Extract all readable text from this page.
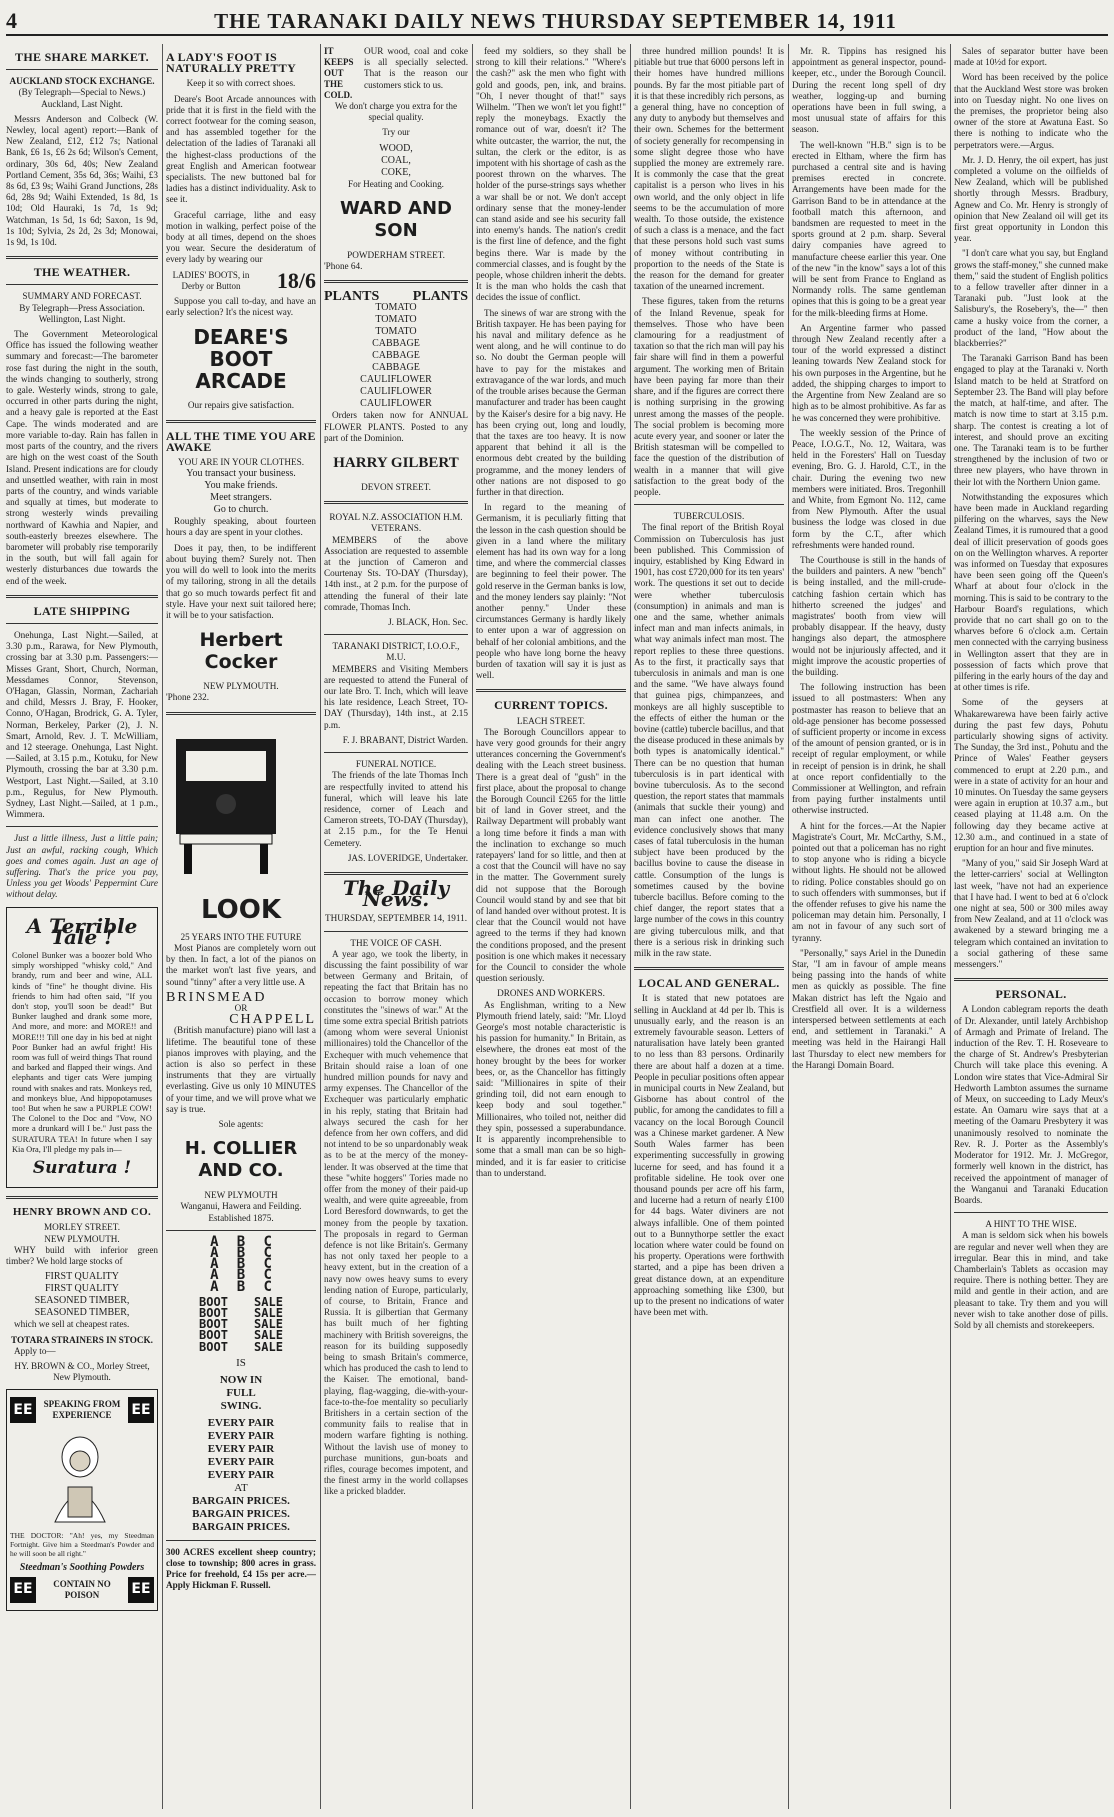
4	THE TARANAKI DAILY NEWS THURSDAY SEPTEMBER 14, 1911
THE SHARE MARKET.
AUCKLAND STOCK EXCHANGE.

(By Telegraph—Special to News.) Auckland, Last Night.

Messrs Anderson and Colbeck (W. Newley, local agent) report:—Bank of New Zealand, £12, £12 7s; National Bank, £6 1s, £6 2s 6d; Wilson's Cement, ordinary, 30s 6d, 40s; New Zealand Portland Cement, 35s 6d, 36s; Waihi, £3 8s 6d, £3 9s; Waihi Grand Junctions, 28s 6d, 28s 9d; Waihi Extended, 1s 8d, 1s 10d; Old Hauraki, 1s 7d, 1s 9d; Watchman, 1s 5d, 1s 6d; Saxon, 1s 9d, 1s 10d; Sylvia, 2s 2d, 2s 3d; Monowai, 1s 9d, 1s 10d.

THE WEATHER.
SUMMARY AND FORECAST.

By Telegraph—Press Association. Wellington, Last Night.

The Government Meteorological Office has issued the following weather summary and forecast:—The barometer rose fast during the night in the south, the winds changing to southerly, strong to gale. Westerly winds, strong to gale, occurred in other parts during the night, and a heavy gale is reported at the East Cape. The winds moderated and are more variable to-day. Rain has fallen in most parts of the country, and the rivers are high on the west coast of the South Island. Present indications are for cloudy and unsettled weather, with rain in most parts of the country, and winds variable and squally at times, but moderate to strong westerly winds prevailing northward of Kawhia and Napier, and south-easterly breezes elsewhere. The barometer will probably rise temporarily in the south, but will fall again for westerly disturbances due towards the end of the week.

LATE SHIPPING

Onehunga, Last Night.—Sailed, at 3.30 p.m., Rarawa, for New Plymouth, crossing bar at 3.30 p.m. Passengers:—Misses Grant, Short, Church, Norman, Messdames Connor, Stevenson, O'Hagan, Glassin, Norman, Zachariah and child, Messrs J. Bray, F. Hooker, Conno, O'Hagan, Brodrick, G. A. Tyler, Norman, Berkeley, Parker (2), J. N. Smart, Arnold, Rev. J. T. McWilliam, and 12 steerage. Onehunga, Last Night.—Sailed, at 3.15 p.m., Kotuku, for New Plymouth, crossing the bar at 3.30 p.m. Westport, Last Night.—Sailed, at 3.10 p.m., Regulus, for New Plymouth. Sydney, Last Night.—Sailed, at 1 p.m., Wimmera.

Just a little illness, Just a little pain; Just an awful, racking cough, Which goes and comes again. Just an age of suffering. That's the price you pay, Unless you get Woods' Peppermint Cure without delay.

A Terrible Tale !

Colonel Bunker was a boozer bold Who simply worshipped "whisky cold," And brandy, rum and beer and wine, ALL kinds of "fine" he thought divine. His friends to him had often said, "If you don't stop, you'll soon be dead!" But Bunker laughed and drank some more, And more, and more: and MORE!! and MORE!!! Till one day in his bed at night Poor Bunker had an awful fright! His room was full of weird things That round and barked and flapped their wings. And elephants and tiger cats Were jumping round with snakes and rats. Monkeys red, and monkeys blue, And hippopotamuses too! But when he saw a PURPLE COW! The Colonel to the Doc and "Vow, NO more a drunkard will I be." Just pass the SURATURA TEA! In future when I say Kia Ora, I'll pledge my pals in—

Suratura !
HENRY BROWN AND CO.
MORLEY STREET.
NEW PLYMOUTH.

WHY build with inferior green timber? We hold large stocks of

FIRST QUALITY
FIRST QUALITY
SEASONED TIMBER,
SEASONED TIMBER,

which we sell at cheapest rates.

TOTARA STRAINERS IN STOCK.

Apply to—

HY. BROWN & CO., Morley Street, New Plymouth.

EE	SPEAKING FROM EXPERIENCE	EE

THE DOCTOR: "Ah! yes, my Steedman Fortnight. Give him a Steedman's Powder and he will soon be all right."

Steedman's Soothing Powders
EE	CONTAIN NO POISON	EE
A LADY'S FOOT IS NATURALLY PRETTY

Keep it so with correct shoes.

Deare's Boot Arcade announces with pride that it is first in the field with the correct footwear for the coming season, and has assembled together for the delectation of the ladies of Taranaki all the highest-class productions of the great English and American footwear specialists. The new buttoned bal for ladies has a distinct individuality. Ask to see it.

Graceful carriage, lithe and easy motion in walking, perfect poise of the body at all times, depend on the shoes you wear. Secure the desideratum of every lady by wearing our

LADIES' BOOTS, in Derby or Button	18/6

Suppose you call to-day, and have an early selection? It's the nicest way.

DEARE'S BOOT ARCADE

Our repairs give satisfaction.

ALL THE TIME YOU ARE AWAKE
YOU ARE IN YOUR CLOTHES.
You transact your business.
You make friends.
Meet strangers.
Go to church.

Roughly speaking, about fourteen hours a day are spent in your clothes.

Does it pay, then, to be indifferent about buying them? Surely not. Then you will do well to look into the merits of my tailoring, strong in all the details that go so much towards perfect fit and style. Have your next suit tailored here; it will be to your satisfaction.

Herbert Cocker
NEW PLYMOUTH.
'Phone 232.
LOOK
25 YEARS INTO THE FUTURE

Most Pianos are completely worn out by then. In fact, a lot of the pianos on the market won't last five years, and sound "tinny" after a very little use. A

BRINSMEAD
OR
CHAPPELL

(British manufacture) piano will last a lifetime. The beautiful tone of these pianos improves with playing, and the action is also so perfect in these instruments that they are virtually everlasting. Give us only 10 MINUTES of your time, and we will prove what we say is true.

Sole agents:
H. COLLIER AND CO.
NEW PLYMOUTH
Wanganui, Hawera and Feilding.
Established 1875.
A	B	C
A	B	C
A	B	C
A	B	C
A	B	C
BOOT	SALE
BOOT	SALE
BOOT	SALE
BOOT	SALE
BOOT	SALE
IS
NOW IN FULL SWING.
EVERY PAIR
EVERY PAIR
EVERY PAIR
EVERY PAIR
EVERY PAIR
AT
BARGAIN PRICES.
BARGAIN PRICES.
BARGAIN PRICES.

300 ACRES excellent sheep country; close to township; 800 acres in grass. Price for freehold, £4 15s per acre.—Apply Hickman F. Russell.

IT KEEPS OUT THE COLD.

OUR wood, coal and coke is all specially selected. That is the reason our customers stick to us.

We don't charge you extra for the special quality.

Try our

WOOD,
COAL,
COKE,

For Heating and Cooking.

WARD AND SON
POWDERHAM STREET.
'Phone 64.
PLANTS PLANTS
TOMATO
TOMATO
TOMATO
CABBAGE
CABBAGE
CABBAGE
CAULIFLOWER
CAULIFLOWER
CAULIFLOWER

Orders taken now for ANNUAL FLOWER PLANTS. Posted to any part of the Dominion.

HARRY GILBERT
DEVON STREET.
ROYAL N.Z. ASSOCIATION H.M. VETERANS.

MEMBERS of the above Association are requested to assemble at the junction of Cameron and Courtenay Sts. TO-DAY (Thursday), 14th inst., at 2 p.m. for the purpose of attending the funeral of their late comrade, Thomas Inch.

J. BLACK, Hon. Sec.
TARANAKI DISTRICT, I.O.O.F., M.U.

MEMBERS and Visiting Members are requested to attend the Funeral of our late Bro. T. Inch, which will leave his late residence, Leach Street, TO-DAY (Thursday), 14th inst., at 2.15 p.m.

F. J. BRABANT, District Warden.
FUNERAL NOTICE.

The friends of the late Thomas Inch are respectfully invited to attend his funeral, which will leave his late residence, corner of Leach and Cameron streets, TO-DAY (Thursday), at 2.15 p.m., for the Te Henui Cemetery.

JAS. LOVERIDGE, Undertaker.
The Daily News.
THURSDAY, SEPTEMBER 14, 1911.
THE VOICE OF CASH.

A year ago, we took the liberty, in discussing the faint possibility of war between Germany and Britain, of repeating the fact that Britain has no occasion to borrow money which constitutes the "sinews of war." At the time some extra special British patriots (among whom were several Unionist millionaires) told the Chancellor of the Exchequer with much vehemence that Britain should raise a loan of one hundred million pounds for navy and army expenses. The Chancellor of the Exchequer was particularly emphatic in his reply, stating that Britain had always secured the cash for her defence from her own coffers, and did not intend to be so unpardonably weak as to be at the mercy of the money-lender. It was observed at the time that these "white hoggers" Tories made no offer from the money of their paid-up wealth, and were quite agreeable, from Lord Beresford downwards, to get the money from the people by taxation. The proposals in regard to German defence is not like Britain's. Germany has not only taxed her people to a heavy extent, but in the creation of a navy now owes heavy sums to every lending nation of Europe, particularly, of course, to Britain, France and Russia. It is gilbertian that Germany has built much of her fighting machinery with British sovereigns, the reason for its building supposedly being to smash Britain's commerce, which has produced the cash to lend to the Kaiser. The emotional, band-playing, flag-wagging, die-with-your-face-to-the-foe mentality so peculiarly Britishers in a certain section of the community fails to realise that in modern warfare fighting is nothing. Without the lavish use of money to purchase munitions, gun-boats and rifles, courage becomes impotent, and the finest army in the world collapses like a pricked bladder.

feed my soldiers, so they shall be strong to kill their relations." "Where's the cash?" ask the men who fight with gold and goods, pen, ink, and brains. "Oh, I never thought of that!" says Wilhelm. "Then we won't let you fight!" reply the moneybags. Exactly the romance out of war, doesn't it? The white outcaster, the warrior, the nut, the sultan, the clerk or the editor, is as impotent with his shortage of cash as the poorest thrown on the wharves. The holder of the purse-strings says whether a war shall be or not. We don't accept ordinary sense that the money-lender can stand aside and see his security fall into enemy's hands. The nation's credit is the first line of defence, and the fight begins there. War is made by the commercial classes, and is fought by the people, whose children inherit the debts. It is the man who holds the cash that decides the issue of conflict.

The sinews of war are strong with the British taxpayer. He has been paying for his naval and military defence as he went along, and he will continue to do so. No doubt the German people will have to pay for the mistakes and extravagance of the war lords, and much of the trouble arises because the German manufacturer and trader has been caught by the Kaiser's desire for a big navy. He has been crying out, long and loudly, that the taxes are too heavy. It is now apparent that behind it all is the enormous debt created by the building programme, and the money lenders of other nations are not disposed to go further in that direction.

In regard to the meaning of Germanism, it is peculiarly fitting that the lesson in the cash question should be given in a land where the military element has had its own way for a long time, and where the commercial classes are beginning to feel their power. The gold reserve in the German banks is low, and the money lenders say plainly: "Not another penny." Under these circumstances Germany is hardly likely to enter upon a war of aggression on behalf of her colonial ambitions, and the people who have long borne the heavy burden of taxation will say it is just as well.

CURRENT TOPICS.
LEACH STREET.

The Borough Councillors appear to have very good grounds for their angry utterances concerning the Government's dealing with the Leach street business. There is a great deal of "gush" in the first place, about the proposal to change the Borough Council £265 for the little bit of land in Gover street, and the Railway Department will probably want a long time before it finds a man with the inclination to exchange so much ratepayers' land for so little, and then at a cost that the Council will have no say in the matter. The Government surely did not suppose that the Borough Council would stand by and see that bit of land handed over without protest. It is clear that the Council would not have agreed to the terms if they had known the conditions proposed, and the present position is one which makes it necessary for the Council to consider the whole question seriously.

DRONES AND WORKERS.

As Englishman, writing to a New Plymouth friend lately, said: "Mr. Lloyd George's most notable characteristic is his passion for humanity." In Britain, as elsewhere, the drones eat most of the honey brought by the bees for worker bees, or, as the Chancellor has fittingly said: "Millionaires in spite of their grinding toil, did not earn enough to keep body and soul together." Millionaires, who toiled not, neither did they spin, possessed a superabundance. It is apparently incomprehensible to some that a small man can be so high-minded, and it is far easier to criticise than to understand.

three hundred million pounds! It is pitiable but true that 6000 persons left in their homes have hundred millions pounds. By far the most pitiable part of it is that these incredibly rich persons, as a general thing, have no conception of any duty to anybody but themselves and their own. Schemes for the betterment of society generally for recompensing in some slight degree those who have supplied the money are extremely rare. It is commonly the case that the great capitalist is a person who lives in his own world, and the only object in life seems to be the accumulation of more wealth. To those outside, the existence of such a class is a menace, and the fact that these persons hold such vast sums of money without contributing in proportion to the needs of the State is the reason for the demand for greater taxation of the unearned increment.

These figures, taken from the returns of the Inland Revenue, speak for themselves. Those who have been clamouring for a readjustment of taxation so that the rich man will pay his fair share will find in them a powerful argument. The working men of Britain have been paying far more than their share, and if the figures are correct there is nothing surprising in the growing unrest among the masses of the people. The social problem is becoming more acute every year, and sooner or later the British statesman will be compelled to face the question of the distribution of wealth in a manner that will give satisfaction to the great body of the people.

TUBERCULOSIS.

The final report of the British Royal Commission on Tuberculosis has just been published. This Commission of inquiry, established by King Edward in 1901, has cost £720,000 for its ten years' work. The questions it set out to decide were whether tuberculosis (consumption) in animals and man is one and the same, whether animals infect man and man infects animals, in what way animals infect man most. The report replies to these three questions. As to the first, it practically says that tuberculosis in animals and man is one and the same. "We have always found that guinea pigs, chimpanzees, and monkeys are all highly susceptible to the effects of either the human or the bovine (cattle) tubercle bacillus, and that the disease produced in these animals by both types is anatomically identical." There can be no question that human tuberculosis is in part identical with bovine tuberculosis. As to the second question, the report states that mammals (animals that suckle their young) and man can infect one another. The evidence conclusively shows that many cases of fatal tuberculosis in the human subject have been produced by the bacillus bovine to cause the disease in cattle. Consumption of the lungs is sometimes caused by the bovine tubercle bacillus. Before coming to the chief danger, the report states that a large number of the cows in this country are giving tuberculous milk, and that there is a serious risk in drinking such milk in the raw state.

LOCAL AND GENERAL.

It is stated that new potatoes are selling in Auckland at 4d per lb. This is unusually early, and the reason is an extremely favourable season. Letters of naturalisation have lately been granted to no less than 83 persons. Ordinarily there are about half a dozen at a time. People in peculiar positions often appear in municipal courts in New Zealand, but Gisborne has about control of the public, for among the candidates to fill a vacancy on the local Borough Council was a Chinese market gardener. A New South Wales farmer has been experimenting successfully in growing lucerne for seed, and has found it a profitable sideline. He took over one thousand pounds per acre off his farm, and lucerne had a return of nearly £100 for 44 bags. Water diviners are not always infallible. One of them pointed out to a Bunnythorpe settler the exact location where water could be found on his property. Operations were forthwith started, and a pipe has been driven a great distance down, at an expenditure approaching something like £300, but up to the present no indications of water have been met with.

Mr. R. Tippins has resigned his appointment as general inspector, pound-keeper, etc., under the Borough Council. During the recent long spell of dry weather, logging-up and burning operations have been in full swing, a most unusual state of affairs for this season.

The well-known "H.B." sign is to be erected in Eltham, where the firm has purchased a central site and is having premises erected in concrete. Arrangements have been made for the Garrison Band to be in attendance at the football match this afternoon, and bandsmen are requested to meet in the sports ground at 2 p.m. sharp. Several dairy companies have agreed to manufacture cheese earlier this year. One of the new "in the know" says a lot of this will be sent from France to England as Normandy rolls. The same gentleman opines that this is going to be a great year for the milk-bleeding firms at Home.

An Argentine farmer who passed through New Zealand recently after a tour of the world expressed a distinct leaning towards New Zealand stock for his own purposes in the Argentine, but he added, the shipping charges to import to the Argentine from New Zealand are so high as to be almost prohibitive. As far as he was concerned they were prohibitive.

The weekly session of the Prince of Peace, I.O.G.T., No. 12, Waitara, was held in the Foresters' Hall on Tuesday evening, Bro. G. J. Harold, C.T., in the chair. During the evening two new members were initiated. Bros. Tregonhill and White, from Egmont No. 112, came from New Plymouth. After the usual business the lodge was closed in due form by the C.T., after which refreshments were handed round.

The Courthouse is still in the hands of the builders and painters. A new "bench" is being installed, and the mill-crude-catching fashion certain which has hitherto screened the judges' and magistrates' booth from view will probably disappear. If the heavy, dusty hangings also depart, the atmosphere would not be injuriously affected, and it might improve the acoustic properties of the building.

The following instruction has been issued to all postmasters: When any postmaster has reason to believe that an old-age pensioner has become possessed of sufficient property or income in excess of the amount of pension granted, or is in receipt of regular employment, or while in receipt of pension is in drink, he shall at once report confidentially to the Commissioner at Wellington, and refrain from paying further instalments until otherwise instructed.

A hint for the forces.—At the Napier Magistrate's Court, Mr. McCarthy, S.M., pointed out that a policeman has no right to stop anyone who is riding a bicycle without lights. He should not be allowed to riding. Police constables should go on to such offenders with summonses, but if the offender refuses to give his name the policeman may detain him. Personally, I am not in favour of any such sort of tyranny.

"Personally," says Ariel in the Dunedin Star, "I am in favour of ample means being passing into the hands of white men as quickly as possible. The fine Makan district has left the Ngaio and Crestfield all over. It is a wilderness interspersed between settlements at each end, and settlement in Taranaki." A meeting was held in the Hairangi Hall last Thursday to elect new members for the Harangi Domain Board.

Sales of separator butter have been made at 10½d for export.

Word has been received by the police that the Auckland West store was broken into on Tuesday night. No one lives on the premises, the proprietor being also owner of the store at Awatuna East. So there is nothing to indicate who the perpetrators were.—Argus.

Mr. J. D. Henry, the oil expert, has just completed a volume on the oilfields of New Zealand, which will be published shortly through Messrs. Bradbury, Agnew and Co. Mr. Henry is strongly of opinion that New Zealand oil will get its first great opportunity in London this year.

"I don't care what you say, but England grows the staff-money," she cunned make them," said the student of English politics to a fellow traveller after dinner in a Taranaki pub. "Just look at the Salisbury's, the Rosebery's, the—" then came a husky voice from the corner, a product of the land, "How about the blackberries?"

The Taranaki Garrison Band has been engaged to play at the Taranaki v. North Island match to be held at Stratford on September 23. The Band will play before the match, at half-time, and after. The match is now time to start at 3.15 p.m. sharp. The contest is creating a lot of interest, and should prove an exciting one. The Taranaki team is to be further strengthened by the inclusion of two or three new players, who have thrown in their lot with the Northern Union game.

Notwithstanding the exposures which have been made in Auckland regarding pilfering on the wharves, says the New Zealand Times, it is rumoured that a good deal of illicit preservation of goods goes on on the Wellington wharves. A reporter was informed on Tuesday that exposures have been seen going off the Queen's Wharf at about four o'clock in the morning. This is said to be contrary to the Harbour Board's regulations, which provide that no cart shall go on to the wharves before 6 o'clock a.m. Certain men connected with the carrying business in Wellington assert that they are in possession of facts which prove that pilfering in the early hours of the day and at other times is rife.

Some of the geysers at Whakarewarewa have been fairly active during the past few days, Pohutu particularly showing signs of activity. The Sunday, the 3rd inst., Pohutu and the Prince of Wales' Feather geysers commenced to erupt at 2.20 p.m., and were in a state of activity for an hour and 10 minutes. On Tuesday the same geysers were again in eruption at 10.37 a.m., but ceased playing at 11.48 a.m. On the following day they became active at 12.30 a.m., and continued in a state of eruption for an hour and five minutes.

"Many of you," said Sir Joseph Ward at the letter-carriers' social at Wellington last week, "have not had an experience that I have had. I went to bed at 6 o'clock one night at sea, 500 or 300 miles away from New Zealand, and at 11 o'clock was awakened by a steward bringing me a telegram which contained an invitation to a social gathering of these same messengers."

PERSONAL.

A London cablegram reports the death of Dr. Alexander, until lately Archbishop of Armagh and Primate of Ireland. The induction of the Rev. T. H. Roseveare to the charge of St. Andrew's Presbyterian Church will take place this evening. A London wire states that Vice-Admiral Sir Hedworth Lambton assumes the surname of Meux, on succeeding to Lady Meux's estate. An Oamaru wire says that at a meeting of the Oamaru Presbytery it was unanimously resolved to nominate the Rev. R. J. Porter as the Assembly's Moderator for 1912. Mr. J. McGregor, formerly well known in the district, has received the appointment of manager of the Wanganui and Taranaki Education Boards.

A HINT TO THE WISE.

A man is seldom sick when his bowels are regular and never well when they are irregular. Bear this in mind, and take Chamberlain's Tablets as occasion may require. There is nothing better. They are mild and gentle in their action, and are pleasant to take. Try them and you will never wish to take another dose of pills. Sold by all chemists and storekeepers.
